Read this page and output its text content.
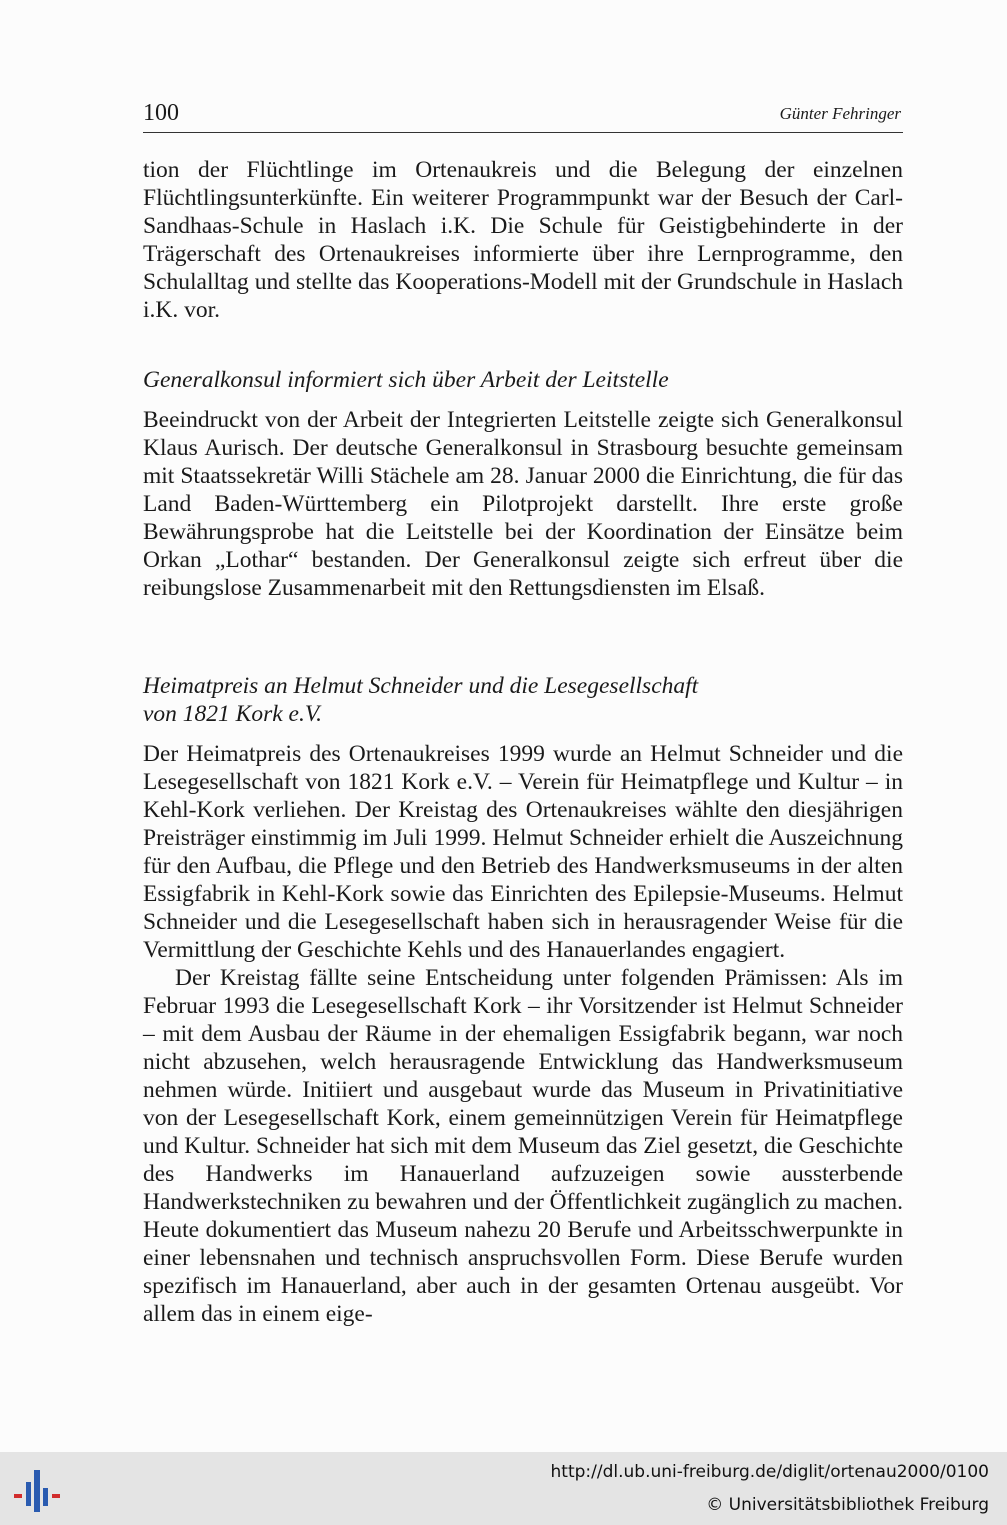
100	Günter Fehringer

tion der Flüchtlinge im Ortenaukreis und die Belegung der einzelnen Flüchtlingsunterkünfte. Ein weiterer Programmpunkt war der Besuch der Carl-Sandhaas-Schule in Haslach i.K. Die Schule für Geistigbehinderte in der Trägerschaft des Ortenaukreises informierte über ihre Lernprogramme, den Schulalltag und stellte das Kooperations-Modell mit der Grundschule in Haslach i.K. vor.

Generalkonsul informiert sich über Arbeit der Leitstelle

Beeindruckt von der Arbeit der Integrierten Leitstelle zeigte sich Generalkonsul Klaus Aurisch. Der deutsche Generalkonsul in Strasbourg besuchte gemeinsam mit Staatssekretär Willi Stächele am 28. Januar 2000 die Einrichtung, die für das Land Baden-Württemberg ein Pilotprojekt darstellt. Ihre erste große Bewährungsprobe hat die Leitstelle bei der Koordination der Einsätze beim Orkan „Lothar“ bestanden. Der Generalkonsul zeigte sich erfreut über die reibungslose Zusammenarbeit mit den Rettungsdiensten im Elsaß.

Heimatpreis an Helmut Schneider und die Lesegesellschaft
von 1821 Kork e.V.

Der Heimatpreis des Ortenaukreises 1999 wurde an Helmut Schneider und die Lesegesellschaft von 1821 Kork e.V. – Verein für Heimatpflege und Kultur – in Kehl-Kork verliehen. Der Kreistag des Ortenaukreises wählte den diesjährigen Preisträger einstimmig im Juli 1999. Helmut Schneider erhielt die Auszeichnung für den Aufbau, die Pflege und den Betrieb des Handwerksmuseums in der alten Essigfabrik in Kehl-Kork sowie das Einrichten des Epilepsie-Museums. Helmut Schneider und die Lesegesellschaft haben sich in herausragender Weise für die Vermittlung der Geschichte Kehls und des Hanauerlandes engagiert.

Der Kreistag fällte seine Entscheidung unter folgenden Prämissen: Als im Februar 1993 die Lesegesellschaft Kork – ihr Vorsitzender ist Helmut Schneider – mit dem Ausbau der Räume in der ehemaligen Essigfabrik begann, war noch nicht abzusehen, welch herausragende Entwicklung das Handwerksmuseum nehmen würde. Initiiert und ausgebaut wurde das Museum in Privatinitiative von der Lesegesellschaft Kork, einem gemeinnützigen Verein für Heimatpflege und Kultur. Schneider hat sich mit dem Museum das Ziel gesetzt, die Geschichte des Handwerks im Hanauerland aufzuzeigen sowie aussterbende Handwerkstechniken zu bewahren und der Öffentlichkeit zugänglich zu machen. Heute dokumentiert das Museum nahezu 20 Berufe und Arbeitsschwerpunkte in einer lebensnahen und technisch anspruchsvollen Form. Diese Berufe wurden spezifisch im Hanauerland, aber auch in der gesamten Ortenau ausgeübt. Vor allem das in einem eige-

http://dl.ub.uni-freiburg.de/diglit/ortenau2000/0100
© Universitätsbibliothek Freiburg
